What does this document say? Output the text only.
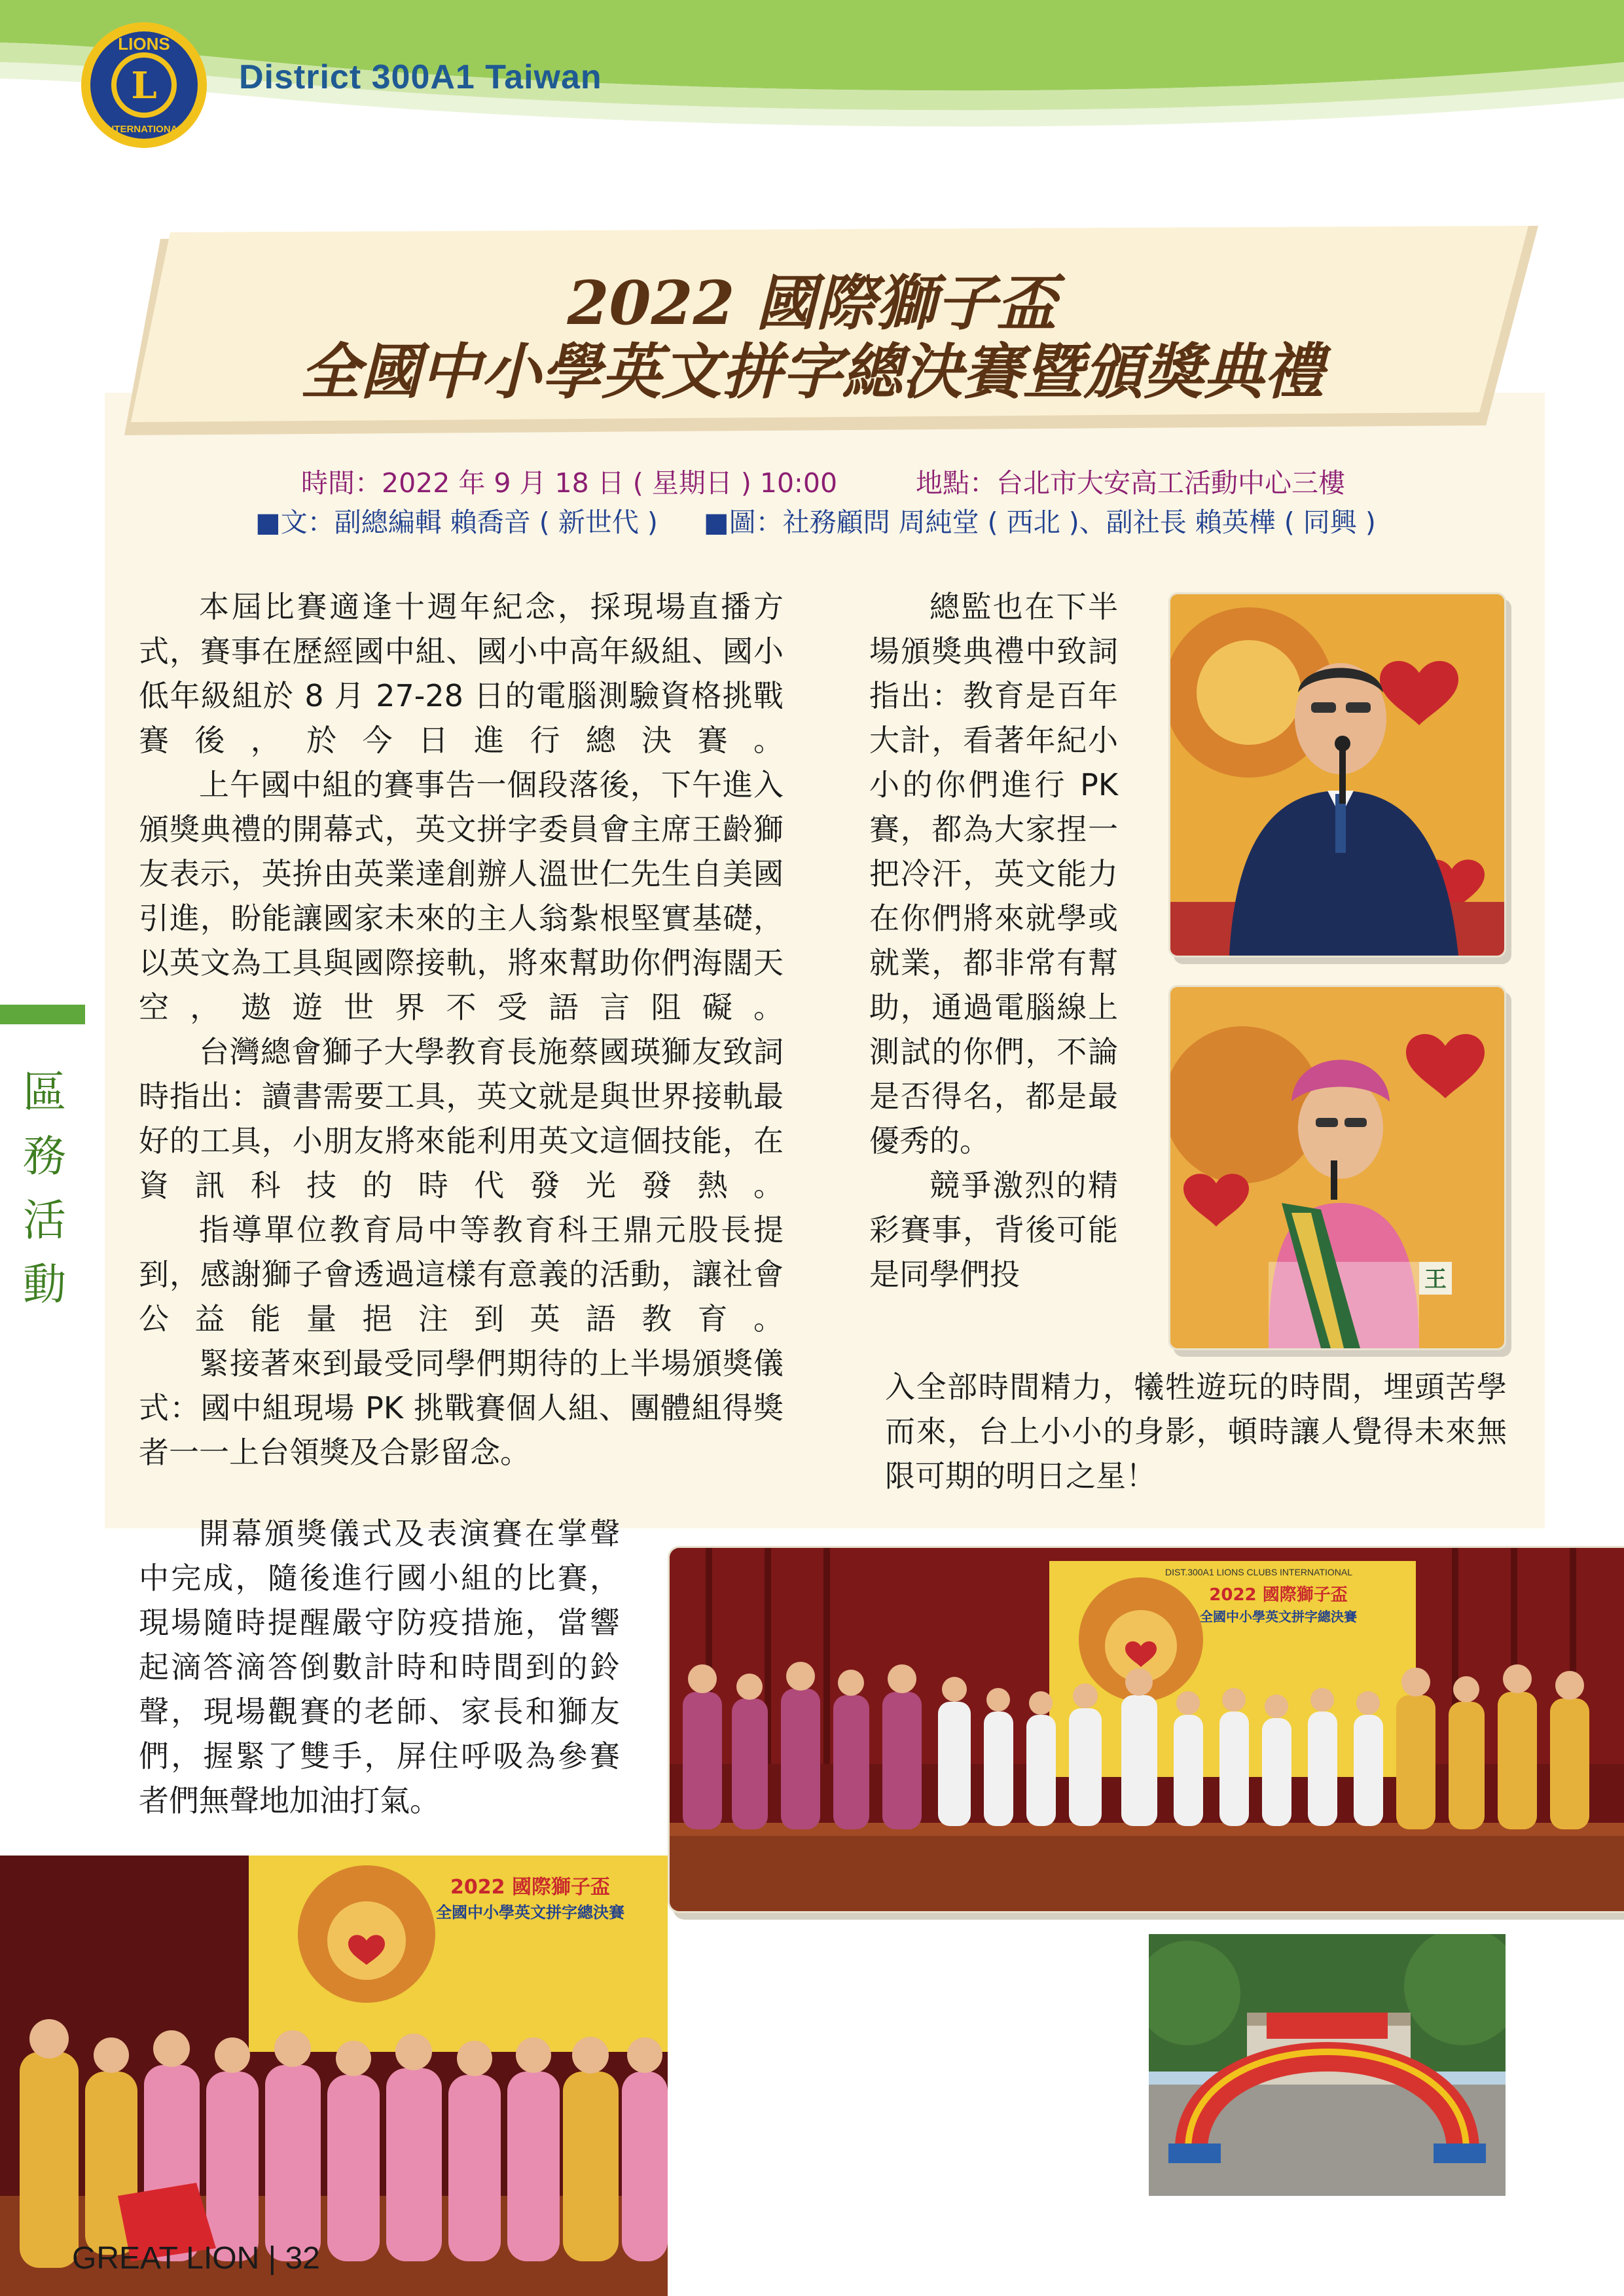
L
LIONS
INTERNATIONAL
District 300A1 Taiwan
2022 國際獅子盃
全國中小學英文拼字總決賽暨頒獎典禮
時間：2022 年 9 月 18 日 ( 星期日 ) 10:00	地點：台北市大安高工活動中心三樓
■文：副總編輯 賴喬音 ( 新世代 ) ■圖：社務顧問 周純堂 ( 西北 )、副社長 賴英樺 ( 同興 )
區
務
活
動

本屆比賽適逢十週年紀念，採現場直播方式，賽事在歷經國中組、國小中高年級組、國小低年級組於 8 月 27-28 日的電腦測驗資格挑戰賽後，於今日進行總決賽。

上午國中組的賽事告一個段落後，下午進入頒獎典禮的開幕式，英文拼字委員會主席王齡獅友表示，英拚由英業達創辦人溫世仁先生自美國引進，盼能讓國家未來的主人翁紮根堅實基礎，以英文為工具與國際接軌，將來幫助你們海闊天空，遨遊世界不受語言阻礙。

台灣總會獅子大學教育長施蔡國瑛獅友致詞時指出：讀書需要工具，英文就是與世界接軌最好的工具，小朋友將來能利用英文這個技能，在資訊科技的時代發光發熱。

指導單位教育局中等教育科王鼎元股長提到，感謝獅子會透過這樣有意義的活動，讓社會公益能量挹注到英語教育。

緊接著來到最受同學們期待的上半場頒獎儀式：國中組現場 PK 挑戰賽個人組、團體組得獎者一一上台領獎及合影留念。

開幕頒獎儀式及表演賽在掌聲中完成，隨後進行國小組的比賽，現場隨時提醒嚴守防疫措施，當響起滴答滴答倒數計時和時間到的鈴聲，現場觀賽的老師、家長和獅友們，握緊了雙手，屏住呼吸為參賽者們無聲地加油打氣。

總監也在下半場頒獎典禮中致詞指出：教育是百年大計，看著年紀小小的你們進行 PK 賽，都為大家捏一把冷汗，英文能力在你們將來就學或就業，都非常有幫助，通過電腦線上測試的你們，不論是否得名，都是最優秀的。

競爭激烈的精彩賽事，背後可能是同學們投

入全部時間精力，犧牲遊玩的時間，埋頭苦學而來，台上小小的身影，頓時讓人覺得未來無限可期的明日之星！

王
DIST.300A1 LIONS CLUBS INTERNATIONAL
2022 國際獅子盃
全國中小學英文拼字總決賽
2022 國際獅子盃
全國中小學英文拼字總決賽
GREAT LION | 32
